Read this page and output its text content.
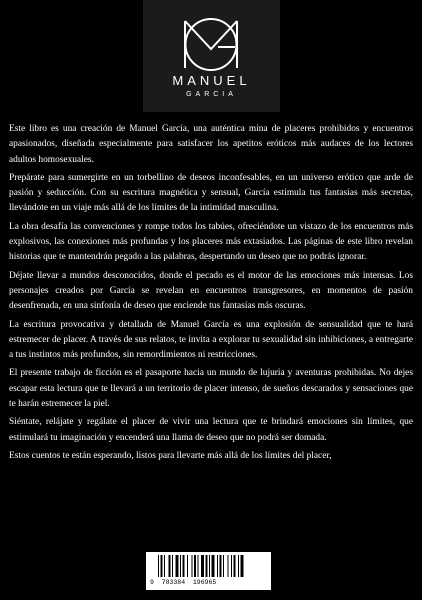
MANUEL
GARCIA

Este libro es una creación de Manuel García, una auténtica mina de placeres prohibidos y encuentros apasionados, diseñada especialmente para satisfacer los apetitos eróticos más audaces de los lectores adultos homosexuales.

Prepárate para sumergirte en un torbellino de deseos inconfesables, en un universo erótico que arde de pasión y seducción. Con su escritura magnética y sensual, García estimula tus fantasías más secretas, llevándote en un viaje más allá de los límites de la intimidad masculina.

La obra desafía las convenciones y rompe todos los tabúes, ofreciéndote un vistazo de los encuentros más explosivos, las conexiones más profundas y los placeres más extasiados. Las páginas de este libro revelan historias que te mantendrán pegado a las palabras, despertando un deseo que no podrás ignorar.

Déjate llevar a mundos desconocidos, donde el pecado es el motor de las emociones más intensas. Los personajes creados por García se revelan en encuentros transgresores, en momentos de pasión desenfrenada, en una sinfonía de deseo que enciende tus fantasías más oscuras.

La escritura provocativa y detallada de Manuel García es una explosión de sensualidad que te hará estremecer de placer. A través de sus relatos, te invita a explorar tu sexualidad sin inhibiciones, a entregarte a tus instintos más profundos, sin remordimientos ni restricciones.

El presente trabajo de ficción es el pasaporte hacia un mundo de lujuria y aventuras prohibidas. No dejes escapar esta lectura que te llevará a un territorio de placer intenso, de sueños descarados y sensaciones que te harán estremecer la piel.

Siéntate, relájate y regálate el placer de vivir una lectura que te brindará emociones sin límites, que estimulará tu imaginación y encenderá una llama de deseo que no podrá ser domada.

Estos cuentos te están esperando, listos para llevarte más allá de los límites del placer,

9  783384  196965
